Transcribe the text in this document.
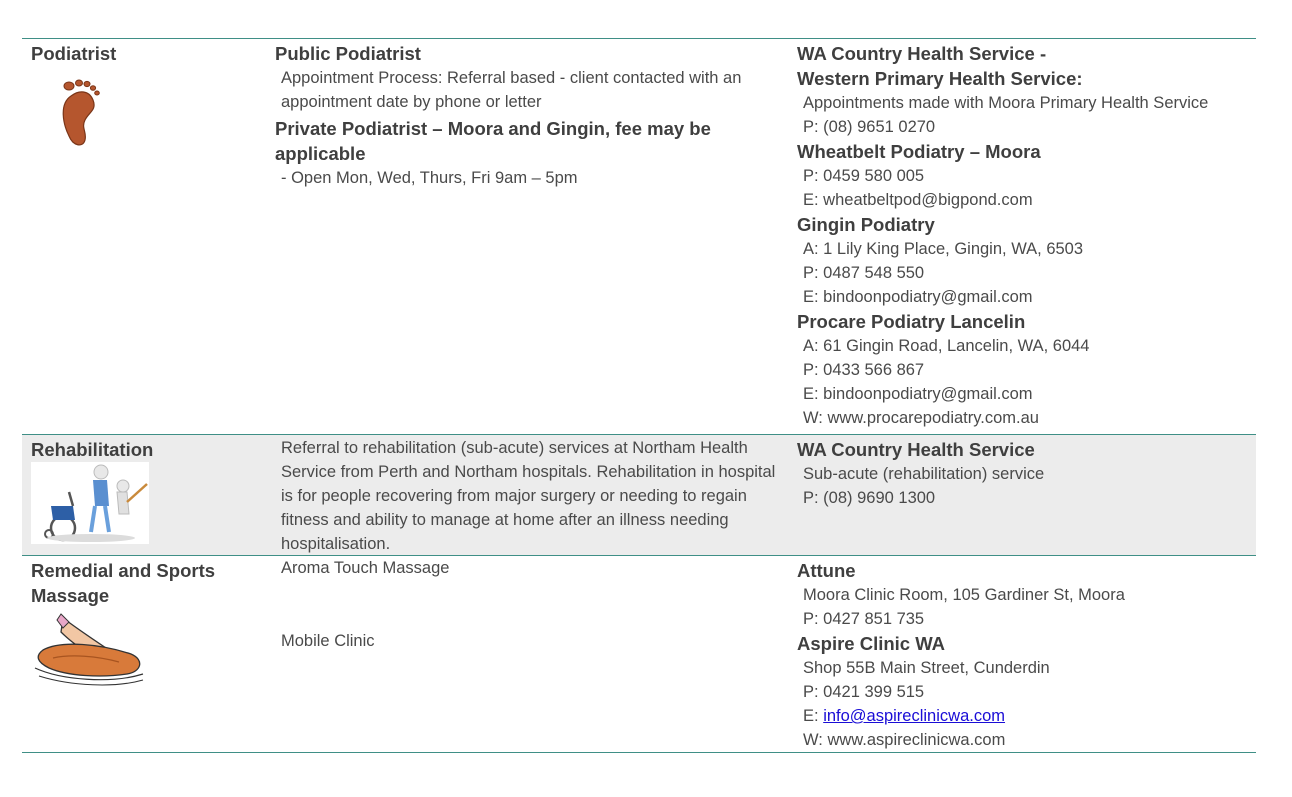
Podiatrist	Public Podiatrist
Appointment Process: Referral based - client contacted with an appointment date by phone or letter
Private Podiatrist – Moora and Gingin, fee may be applicable
- Open Mon, Wed, Thurs, Fri 9am – 5pm
WA Country Health Service -
Western Primary Health Service:
Appointments made with Moora Primary Health Service
P: (08) 9651 0270
Wheatbelt Podiatry – Moora
P: 0459 580 005
E: wheatbeltpod@bigpond.com
Gingin Podiatry
A: 1 Lily King Place, Gingin, WA, 6503
P: 0487 548 550
E: bindoonpodiatry@gmail.com
Procare Podiatry Lancelin
A: 61 Gingin Road, Lancelin, WA, 6044
P: 0433 566 867
E: bindoonpodiatry@gmail.com
W: www.procarepodiatry.com.au
Rehabilitation	Referral to rehabilitation (sub-acute) services at Northam Health Service from Perth and Northam hospitals. Rehabilitation in hospital is for people recovering from major surgery or needing to regain fitness and ability to manage at home after an illness needing hospitalisation.
WA Country Health Service
Sub-acute (rehabilitation) service
P: (08) 9690 1300
Remedial and Sports Massage
Aroma Touch Massage
Mobile Clinic
Attune
Moora Clinic Room, 105 Gardiner St, Moora
P: 0427 851 735
Aspire Clinic WA
Shop 55B Main Street, Cunderdin
P: 0421 399 515
E: info@aspireclinicwa.com
W: www.aspireclinicwa.com
